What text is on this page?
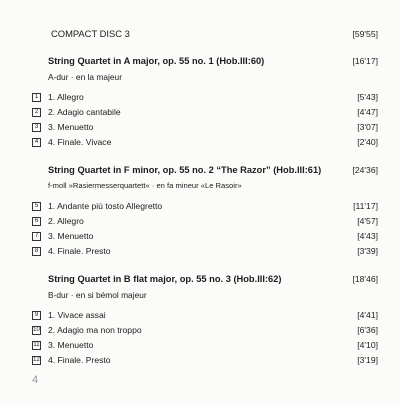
COMPACT DISC 3	[59'55]
String Quartet in A major, op. 55 no. 1 (Hob.III:60)	[16'17]
A-dur · en la majeur
1	1. Allegro	[5'43]
2	2. Adagio cantabile	[4'47]
3	3. Menuetto	[3'07]
4	4. Finale. Vivace	[2'40]
String Quartet in F minor, op. 55 no. 2 “The Razor” (Hob.III:61)	[24'36]
f-moll »Rasiermesserquartett« · en fa mineur «Le Rasoir»
5	1. Andante più tosto Allegretto	[11'17]
6	2. Allegro	[4'57]
7	3. Menuetto	[4'43]
8	4. Finale. Presto	[3'39]
String Quartet in B flat major, op. 55 no. 3 (Hob.III:62)	[18'46]
B-dur · en si bémol majeur
9	1. Vivace assai	[4'41]
10 2. Adagio ma non troppo	[6'36]
11 3. Menuetto	[4'10]
12 4. Finale. Presto	[3'19]
4
